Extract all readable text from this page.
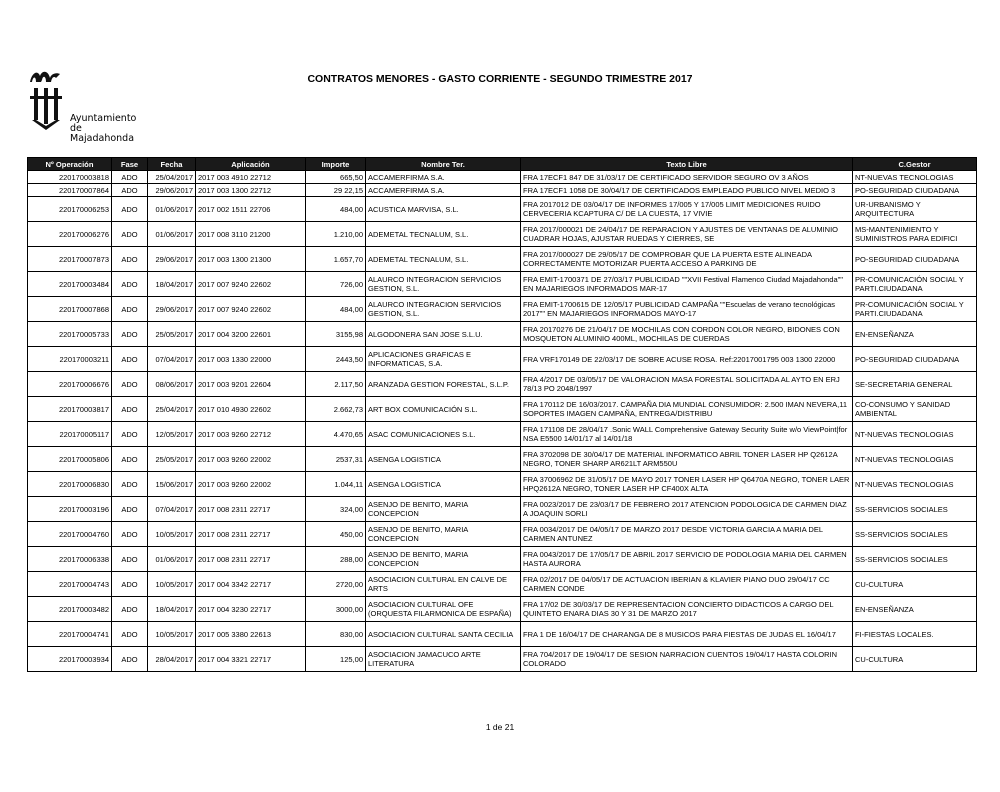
Ayuntamiento
de Majadahonda
CONTRATOS MENORES - GASTO CORRIENTE - SEGUNDO TRIMESTRE 2017
Nº Operación	Fase	Fecha	Aplicación	Importe	Nombre Ter.	Texto Libre	C.Gestor
220170003818	ADO	25/04/2017	2017 003 4910 22712	665,50	ACCAMERFIRMA S.A.	FRA 17ECF1 847 DE 31/03/17 DE CERTIFICADO SERVIDOR SEGURO OV 3 AÑOS	NT-NUEVAS TECNOLOGIAS
220170007864	ADO	29/06/2017	2017 003 1300 22712	29 22,15	ACCAMERFIRMA S.A.	FRA 17ECF1 1058 DE 30/04/17 DE CERTIFICADOS EMPLEADO PUBLICO NIVEL MEDIO 3	PO-SEGURIDAD CIUDADANA
220170006253	ADO	01/06/2017	2017 002 1511 22706	484,00	ACUSTICA MARVISA, S.L.	FRA 2017012 DE 03/04/17 DE INFORMES 17/005 Y 17/005 LIMIT MEDICIONES RUIDO CERVECERIA KCAPTURA C/ DE LA CUESTA, 17 VIVIE	UR-URBANISMO Y ARQUITECTURA
220170006276	ADO	01/06/2017	2017 008 3110 21200	1.210,00	ADEMETAL TECNALUM, S.L.	FRA 2017/000021 DE 24/04/17 DE REPARACION Y AJUSTES DE VENTANAS DE ALUMINIO CUADRAR HOJAS, AJUSTAR RUEDAS Y CIERRES, SE	MS-MANTENIMIENTO Y SUMINISTROS PARA EDIFICI
220170007873	ADO	29/06/2017	2017 003 1300 21300	1.657,70	ADEMETAL TECNALUM, S.L.	FRA 2017/000027 DE 29/05/17 DE COMPROBAR QUE LA PUERTA ESTE ALINEADA CORRECTAMENTE MOTORIZAR PUERTA ACCESO A PARKING DE	PO-SEGURIDAD CIUDADANA
220170003484	ADO	18/04/2017	2017 007 9240 22602	726,00	ALAURCO INTEGRACION SERVICIOS GESTION, S.L.	FRA EMIT-1700371 DE 27/03/17 PUBLICIDAD ""XVII Festival Flamenco Ciudad Majadahonda"" EN MAJARIEGOS INFORMADOS MAR-17	PR-COMUNICACIÓN SOCIAL Y PARTI.CIUDADANA
220170007868	ADO	29/06/2017	2017 007 9240 22602	484,00	ALAURCO INTEGRACION SERVICIOS GESTION, S.L.	FRA EMIT-1700615 DE 12/05/17 PUBLICIDAD CAMPAÑA ""Escuelas de verano tecnológicas 2017"" EN MAJARIEGOS INFORMADOS MAYO-17	PR-COMUNICACIÓN SOCIAL Y PARTI.CIUDADANA
220170005733	ADO	25/05/2017	2017 004 3200 22601	3155,98	ALGODONERA SAN JOSE S.L.U.	FRA 20170276 DE 21/04/17 DE MOCHILAS CON CORDON COLOR NEGRO, BIDONES CON MOSQUETON ALUMINIO 400ML, MOCHILAS DE CUERDAS	EN-ENSEÑANZA
220170003211	ADO	07/04/2017	2017 003 1330 22000	2443,50	APLICACIONES GRAFICAS E INFORMATICAS, S.A.	FRA VRF170149 DE 22/03/17 DE SOBRE ACUSE ROSA. Ref:22017001795 003 1300 22000	PO-SEGURIDAD CIUDADANA
220170006676	ADO	08/06/2017	2017 003 9201 22604	2.117,50	ARANZADA GESTION FORESTAL, S.L.P.	FRA 4/2017 DE 03/05/17 DE VALORACION MASA FORESTAL SOLICITADA AL AYTO EN ERJ 78/13 PO 2048/1997	SE-SECRETARIA GENERAL
220170003817	ADO	25/04/2017	2017 010 4930 22602	2.662,73	ART BOX COMUNICACIÓN S.L.	FRA 170112 DE 16/03/2017. CAMPAÑA DIA MUNDIAL CONSUMIDOR: 2.500 IMAN NEVERA,11 SOPORTES IMAGEN CAMPAÑA, ENTREGA/DISTRIBU	CO-CONSUMO Y SANIDAD AMBIENTAL
220170005117	ADO	12/05/2017	2017 003 9260 22712	4.470,65	ASAC COMUNICACIONES S.L.	FRA 171108 DE 28/04/17 .Sonic WALL Comprehensive Gateway Security Suite w/o ViewPoint|for NSA E5500 14/01/17 al 14/01/18	NT-NUEVAS TECNOLOGIAS
220170005806	ADO	25/05/2017	2017 003 9260 22002	2537,31	ASENGA LOGISTICA	FRA 3702098 DE 30/04/17 DE MATERIAL INFORMATICO ABRIL TONER LASER HP Q2612A NEGRO, TONER SHARP AR621LT ARM550U	NT-NUEVAS TECNOLOGIAS
220170006830	ADO	15/06/2017	2017 003 9260 22002	1.044,11	ASENGA LOGISTICA	FRA 37006962 DE 31/05/17 DE MAYO 2017 TONER LASER HP Q6470A NEGRO, TONER LAER HPQ2612A NEGRO, TONER LASER HP CF400X ALTA	NT-NUEVAS TECNOLOGIAS
220170003196	ADO	07/04/2017	2017 008 2311 22717	324,00	ASENJO DE BENITO, MARIA CONCEPCION	FRA 0023/2017 DE 23/03/17 DE FEBRERO 2017 ATENCION PODOLOGICA DE CARMEN DIAZ A JOAQUIN SORLI	SS-SERVICIOS SOCIALES
220170004760	ADO	10/05/2017	2017 008 2311 22717	450,00	ASENJO DE BENITO, MARIA CONCEPCION	FRA 0034/2017 DE 04/05/17 DE MARZO 2017 DESDE VICTORIA GARCIA A MARIA DEL CARMEN ANTUNEZ	SS-SERVICIOS SOCIALES
220170006338	ADO	01/06/2017	2017 008 2311 22717	288,00	ASENJO DE BENITO, MARIA CONCEPCION	FRA 0043/2017 DE 17/05/17 DE ABRIL 2017 SERVICIO DE PODOLOGIA MARIA DEL CARMEN HASTA AURORA	SS-SERVICIOS SOCIALES
220170004743	ADO	10/05/2017	2017 004 3342 22717	2720,00	ASOCIACION CULTURAL EN CALVE DE ARTS	FRA 02/2017 DE 04/05/17 DE ACTUACION IBERIAN & KLAVIER PIANO DUO 29/04/17 CC CARMEN CONDE	CU-CULTURA
220170003482	ADO	18/04/2017	2017 004 3230 22717	3000,00	ASOCIACION CULTURAL OFE (ORQUESTA FILARMONICA DE ESPAÑA)	FRA 17/02 DE 30/03/17 DE REPRESENTACION CONCIERTO DIDACTICOS A CARGO DEL QUINTETO ENARA DIAS 30 Y 31 DE MARZO 2017	EN-ENSEÑANZA
220170004741	ADO	10/05/2017	2017 005 3380 22613	830,00	ASOCIACION CULTURAL SANTA CECILIA	FRA 1 DE 16/04/17 DE CHARANGA DE 8 MUSICOS PARA FIESTAS DE JUDAS EL 16/04/17	FI-FIESTAS LOCALES.
220170003934	ADO	28/04/2017	2017 004 3321 22717	125,00	ASOCIACION JAMACUCO ARTE LITERATURA	FRA 704/2017 DE 19/04/17 DE SESION NARRACION CUENTOS 19/04/17 HASTA COLORIN COLORADO	CU-CULTURA
1 de 21
